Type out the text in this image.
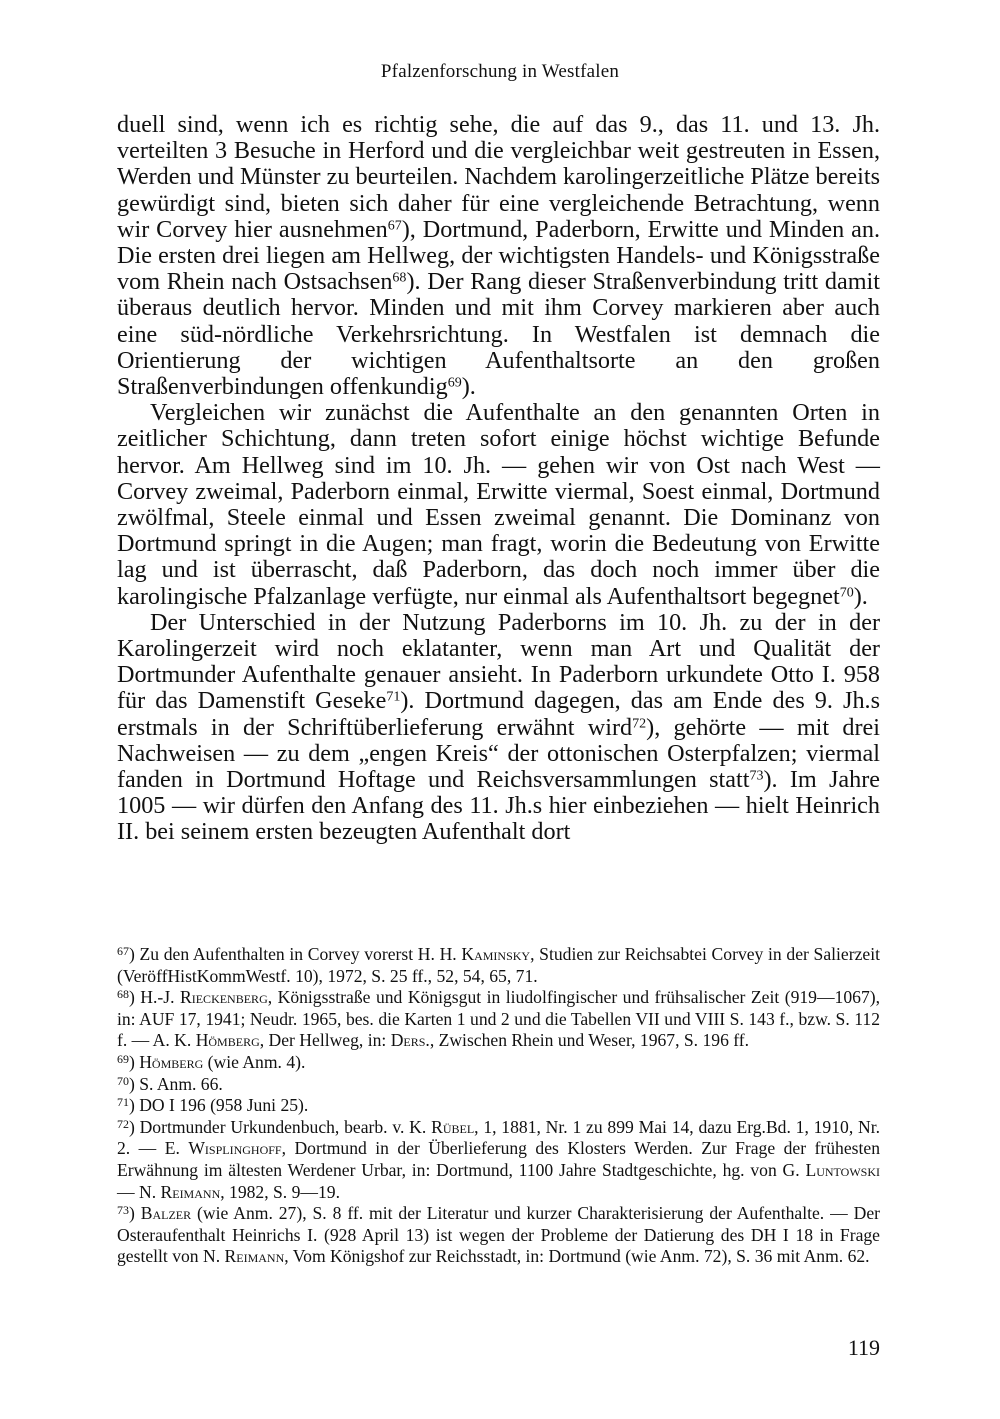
Pfalzenforschung in Westfalen

duell sind, wenn ich es richtig sehe, die auf das 9., das 11. und 13. Jh. verteilten 3 Besuche in Herford und die vergleichbar weit gestreuten in Essen, Werden und Münster zu beurteilen. Nachdem karolingerzeitliche Plätze bereits gewürdigt sind, bieten sich daher für eine vergleichende Betrachtung, wenn wir Corvey hier ausnehmen$^{67}$), Dortmund, Paderborn, Erwitte und Minden an. Die ersten drei liegen am Hellweg, der wichtigsten Handels- und Königsstraße vom Rhein nach Ostsachsen$^{68}$). Der Rang dieser Straßenverbindung tritt damit überaus deutlich hervor. Minden und mit ihm Corvey markieren aber auch eine süd-nördliche Verkehrsrichtung. In Westfalen ist demnach die Orientierung der wichtigen Aufenthaltsorte an den großen Straßenverbindungen offenkundig$^{69}$).

Vergleichen wir zunächst die Aufenthalte an den genannten Orten in zeitlicher Schichtung, dann treten sofort einige höchst wichtige Befunde hervor. Am Hellweg sind im 10. Jh. — gehen wir von Ost nach West — Corvey zweimal, Paderborn einmal, Erwitte viermal, Soest einmal, Dortmund zwölfmal, Steele einmal und Essen zweimal genannt. Die Dominanz von Dortmund springt in die Augen; man fragt, worin die Bedeutung von Erwitte lag und ist überrascht, daß Paderborn, das doch noch immer über die karolingische Pfalzanlage verfügte, nur einmal als Aufenthaltsort begegnet$^{70}$).

Der Unterschied in der Nutzung Paderborns im 10. Jh. zu der in der Karolingerzeit wird noch eklatanter, wenn man Art und Qualität der Dortmunder Aufenthalte genauer ansieht. In Paderborn urkundete Otto I. 958 für das Damenstift Geseke$^{71}$). Dortmund dagegen, das am Ende des 9. Jh.s erstmals in der Schriftüberlieferung erwähnt wird$^{72}$), gehörte — mit drei Nachweisen — zu dem „engen Kreis“ der ottonischen Osterpfalzen; viermal fanden in Dortmund Hoftage und Reichsversammlungen statt$^{73}$). Im Jahre 1005 — wir dürfen den Anfang des 11. Jh.s hier einbeziehen — hielt Heinrich II. bei seinem ersten bezeugten Aufenthalt dort

$^{67}$) Zu den Aufenthalten in Corvey vorerst H. H. Kaminsky, Studien zur Reichsabtei Corvey in der Salierzeit (VeröffHistKommWestf. 10), 1972, S. 25 ff., 52, 54, 65, 71.

$^{68}$) H.-J. Rieckenberg, Königsstraße und Königsgut in liudolfingischer und frühsalischer Zeit (919—1067), in: AUF 17, 1941; Neudr. 1965, bes. die Karten 1 und 2 und die Tabellen VII und VIII S. 143 f., bzw. S. 112 f. — A. K. Hömberg, Der Hellweg, in: Ders., Zwischen Rhein und Weser, 1967, S. 196 ff.

$^{69}$) Hömberg (wie Anm. 4).

$^{70}$) S. Anm. 66.

$^{71}$) DO I 196 (958 Juni 25).

$^{72}$) Dortmunder Urkundenbuch, bearb. v. K. Rübel, 1, 1881, Nr. 1 zu 899 Mai 14, dazu Erg.Bd. 1, 1910, Nr. 2. — E. Wisplinghoff, Dortmund in der Überlieferung des Klosters Werden. Zur Frage der frühesten Erwähnung im ältesten Werdener Urbar, in: Dortmund, 1100 Jahre Stadtgeschichte, hg. von G. Luntowski — N. Reimann, 1982, S. 9—19.

$^{73}$) Balzer (wie Anm. 27), S. 8 ff. mit der Literatur und kurzer Charakterisierung der Aufenthalte. — Der Osteraufenthalt Heinrichs I. (928 April 13) ist wegen der Probleme der Datierung des DH I 18 in Frage gestellt von N. Reimann, Vom Königshof zur Reichsstadt, in: Dortmund (wie Anm. 72), S. 36 mit Anm. 62.

119
